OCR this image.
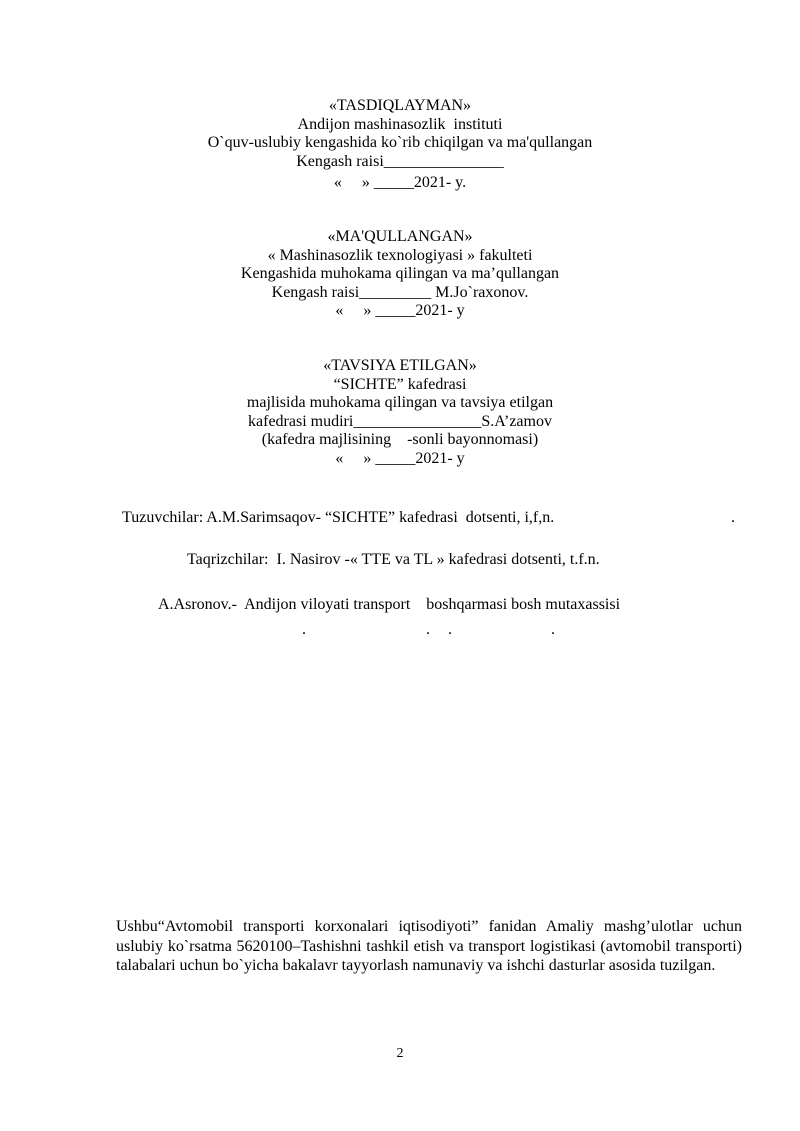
«TASDIQLAYMAN»
Andijon mashinasozlik  instituti
O`quv-uslubiy kengashida ko`rib chiqilgan va ma'qullangan
Kengash raisi_______________
«     » _____2021- y.
«MA'QULLANGAN»
« Mashinasozlik texnologiyasi » fakulteti
Kengashida muhokama qilingan va ma’qullangan
Kengash raisi_________ M.Jo`raxonov.
«     » _____2021- y
«TAVSIYA ETILGAN»
“SICHTE” kafedrasi
majlisida muhokama qilingan va tavsiya etilgan
kafedrasi mudiri________________S.A’zamov
(kafedra majlisining    -sonli bayonnomasi)
«     » _____2021- y
Tuzuvchilar: A.M.Sarimsaqov- “SICHTE” kafedrasi  dotsenti, i,f,n.	.
Taqrizchilar:  I. Nasirov -« TTE va TL » kafedrasi dotsenti, t.f.n.
A.Asronov.-  Andijon viloyati transport    boshqarmasi bosh mutaxassisi
.	. .	.
Ushbu“Avtomobil transporti korxonalari iqtisodiyoti” fanidan Amaliy mashg’ulotlar uchun uslubiy ko`rsatma 5620100–Tashishni tashkil etish va transport logistikasi (avtomobil transporti) talabalari uchun bo`yicha bakalavr tayyorlash namunaviy va ishchi dasturlar asosida tuzilgan.
2
